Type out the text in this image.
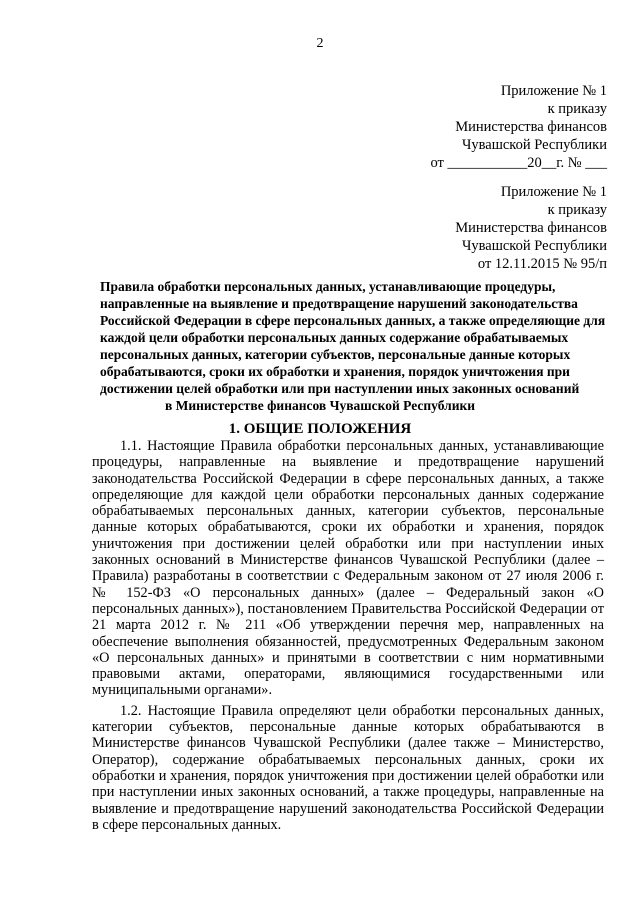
2
Приложение № 1
к приказу
Министерства финансов
Чувашской Республики
от ___________20__г. № ___
Приложение № 1
к приказу
Министерства финансов
Чувашской Республики
от 12.11.2015 № 95/п
Правила обработки персональных данных, устанавливающие процедуры,
направленные на выявление и предотвращение нарушений законодательства
Российской Федерации в сфере персональных данных, а также определяющие для
каждой цели обработки персональных данных содержание обрабатываемых
персональных данных, категории субъектов, персональные данные которых
обрабатываются, сроки их обработки и хранения, порядок уничтожения при
достижении целей обработки или при наступлении иных законных оснований
в Министерстве финансов Чувашской Республики
1. ОБЩИЕ ПОЛОЖЕНИЯ

1.1. Настоящие Правила обработки персональных данных, устанавливающие процедуры, направленные на выявление и предотвращение нарушений законодательства Российской Федерации в сфере персональных данных, а также определяющие для каждой цели обработки персональных данных содержание обрабатываемых персональных данных, категории субъектов, персональные данные которых обрабатываются, сроки их обработки и хранения, порядок уничтожения при достижении целей обработки или при наступлении иных законных оснований в Министерстве финансов Чувашской Республики (далее – Правила) разработаны в соответствии с Федеральным законом от 27 июля 2006 г. № 152-ФЗ «О персональных данных» (далее – Федеральный закон «О персональных данных»), постановлением Правительства Российской Федерации от 21 марта 2012 г. № 211 «Об утверждении перечня мер, направленных на обеспечение выполнения обязанностей, предусмотренных Федеральным законом «О персональных данных» и принятыми в соответствии с ним нормативными правовыми актами, операторами, являющимися государственными или муниципальными органами».

1.2. Настоящие Правила определяют цели обработки персональных данных, категории субъектов, персональные данные которых обрабатываются в Министерстве финансов Чувашской Республики (далее также – Министерство, Оператор), содержание обрабатываемых персональных данных, сроки их обработки и хранения, порядок уничтожения при достижении целей обработки или при наступлении иных законных оснований, а также процедуры, направленные на выявление и предотвращение нарушений законодательства Российской Федерации в сфере персональных данных.
